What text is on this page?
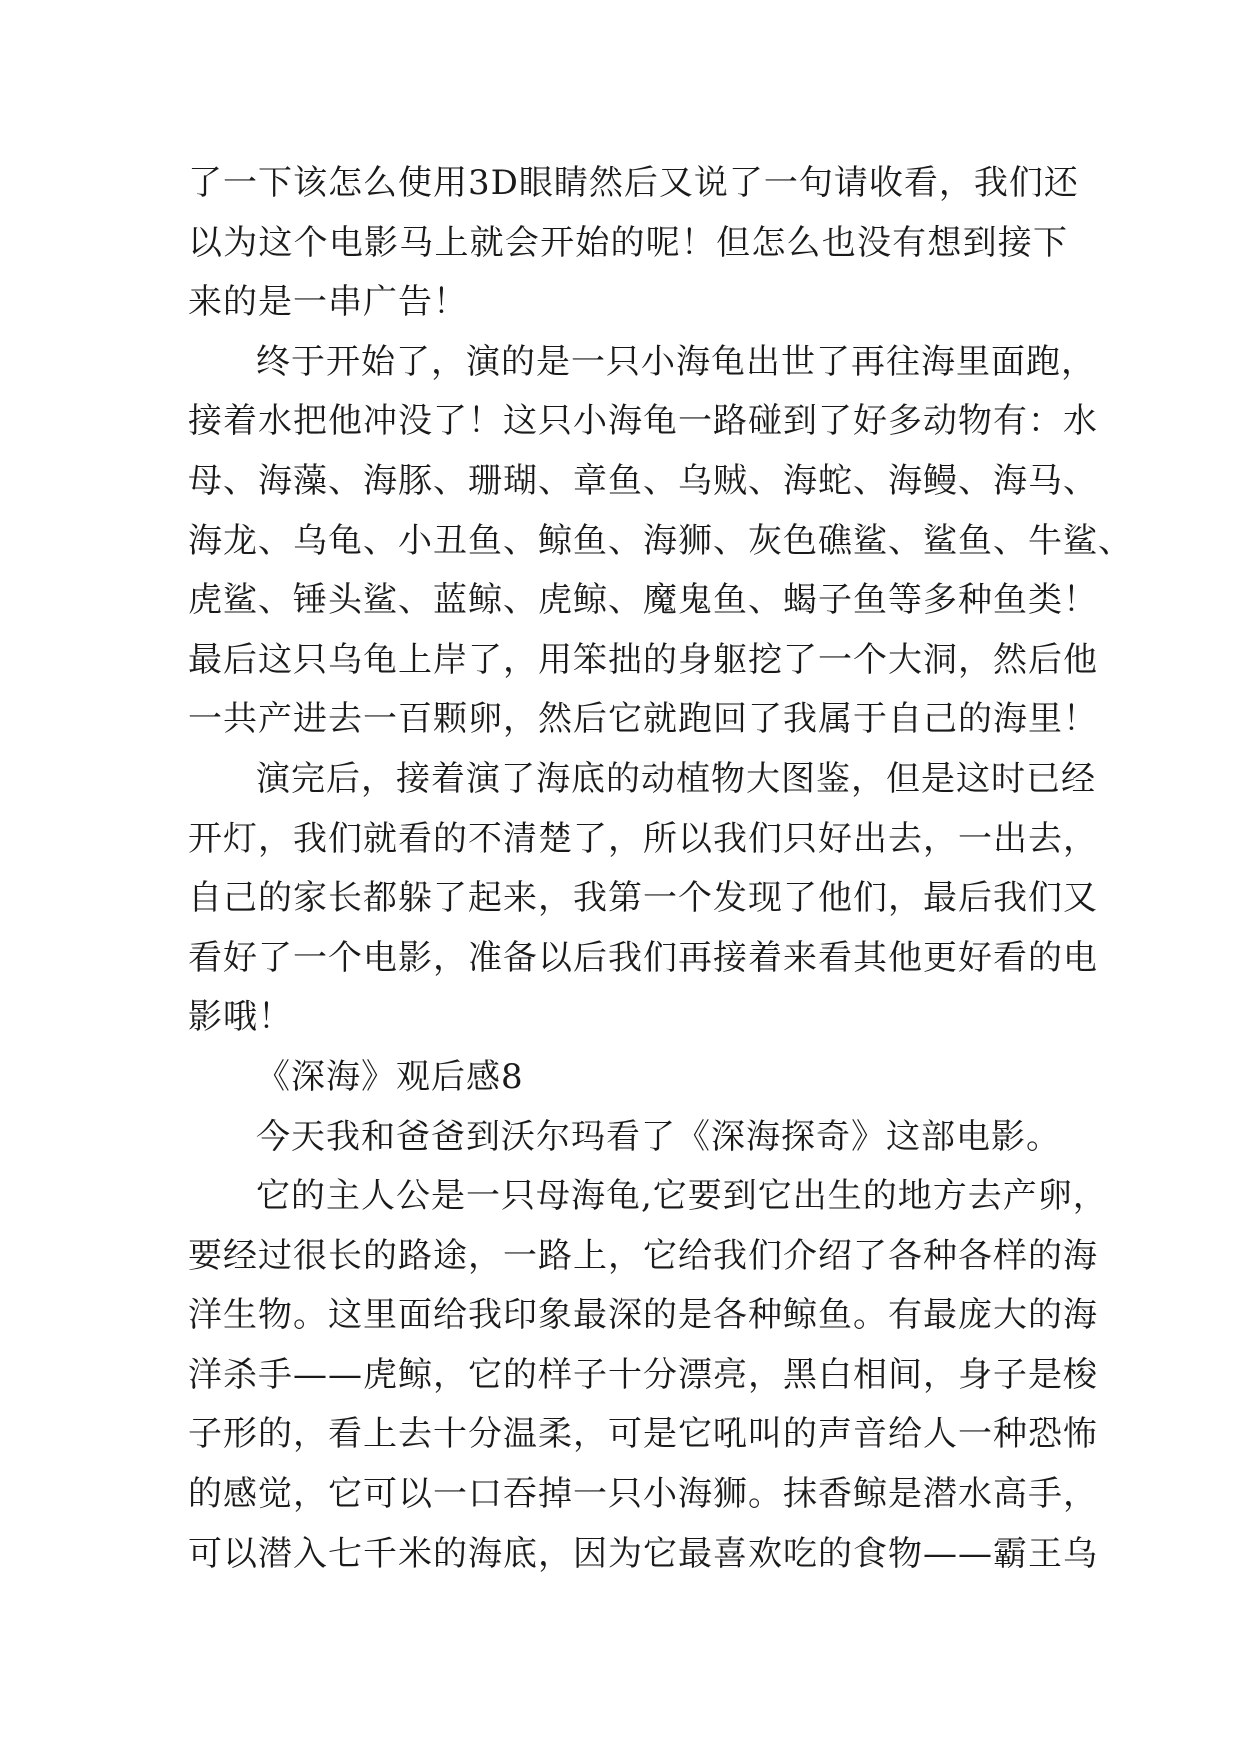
了一下该怎么使用3D眼睛然后又说了一句请收看，我们还
以为这个电影马上就会开始的呢！但怎么也没有想到接下
来的是一串广告！
终于开始了，演的是一只小海龟出世了再往海里面跑，
接着水把他冲没了！这只小海龟一路碰到了好多动物有：水
母、海藻、海豚、珊瑚、章鱼、乌贼、海蛇、海鳗、海马、
海龙、乌龟、小丑鱼、鲸鱼、海狮、灰色礁鲨、鲨鱼、牛鲨、
虎鲨、锤头鲨、蓝鲸、虎鲸、魔鬼鱼、蝎子鱼等多种鱼类！
最后这只乌龟上岸了，用笨拙的身躯挖了一个大洞，然后他
一共产进去一百颗卵，然后它就跑回了我属于自己的海里！
演完后，接着演了海底的动植物大图鉴，但是这时已经
开灯，我们就看的不清楚了，所以我们只好出去，一出去，
自己的家长都躲了起来，我第一个发现了他们，最后我们又
看好了一个电影，准备以后我们再接着来看其他更好看的电
影哦！
《深海》观后感8
今天我和爸爸到沃尔玛看了《深海探奇》这部电影。
它的主人公是一只母海龟,它要到它出生的地方去产卵，
要经过很长的路途，一路上，它给我们介绍了各种各样的海
洋生物。这里面给我印象最深的是各种鲸鱼。有最庞大的海
洋杀手——虎鲸，它的样子十分漂亮，黑白相间，身子是梭
子形的，看上去十分温柔，可是它吼叫的声音给人一种恐怖
的感觉，它可以一口吞掉一只小海狮。抹香鲸是潜水高手，
可以潜入七千米的海底，因为它最喜欢吃的食物——霸王乌
